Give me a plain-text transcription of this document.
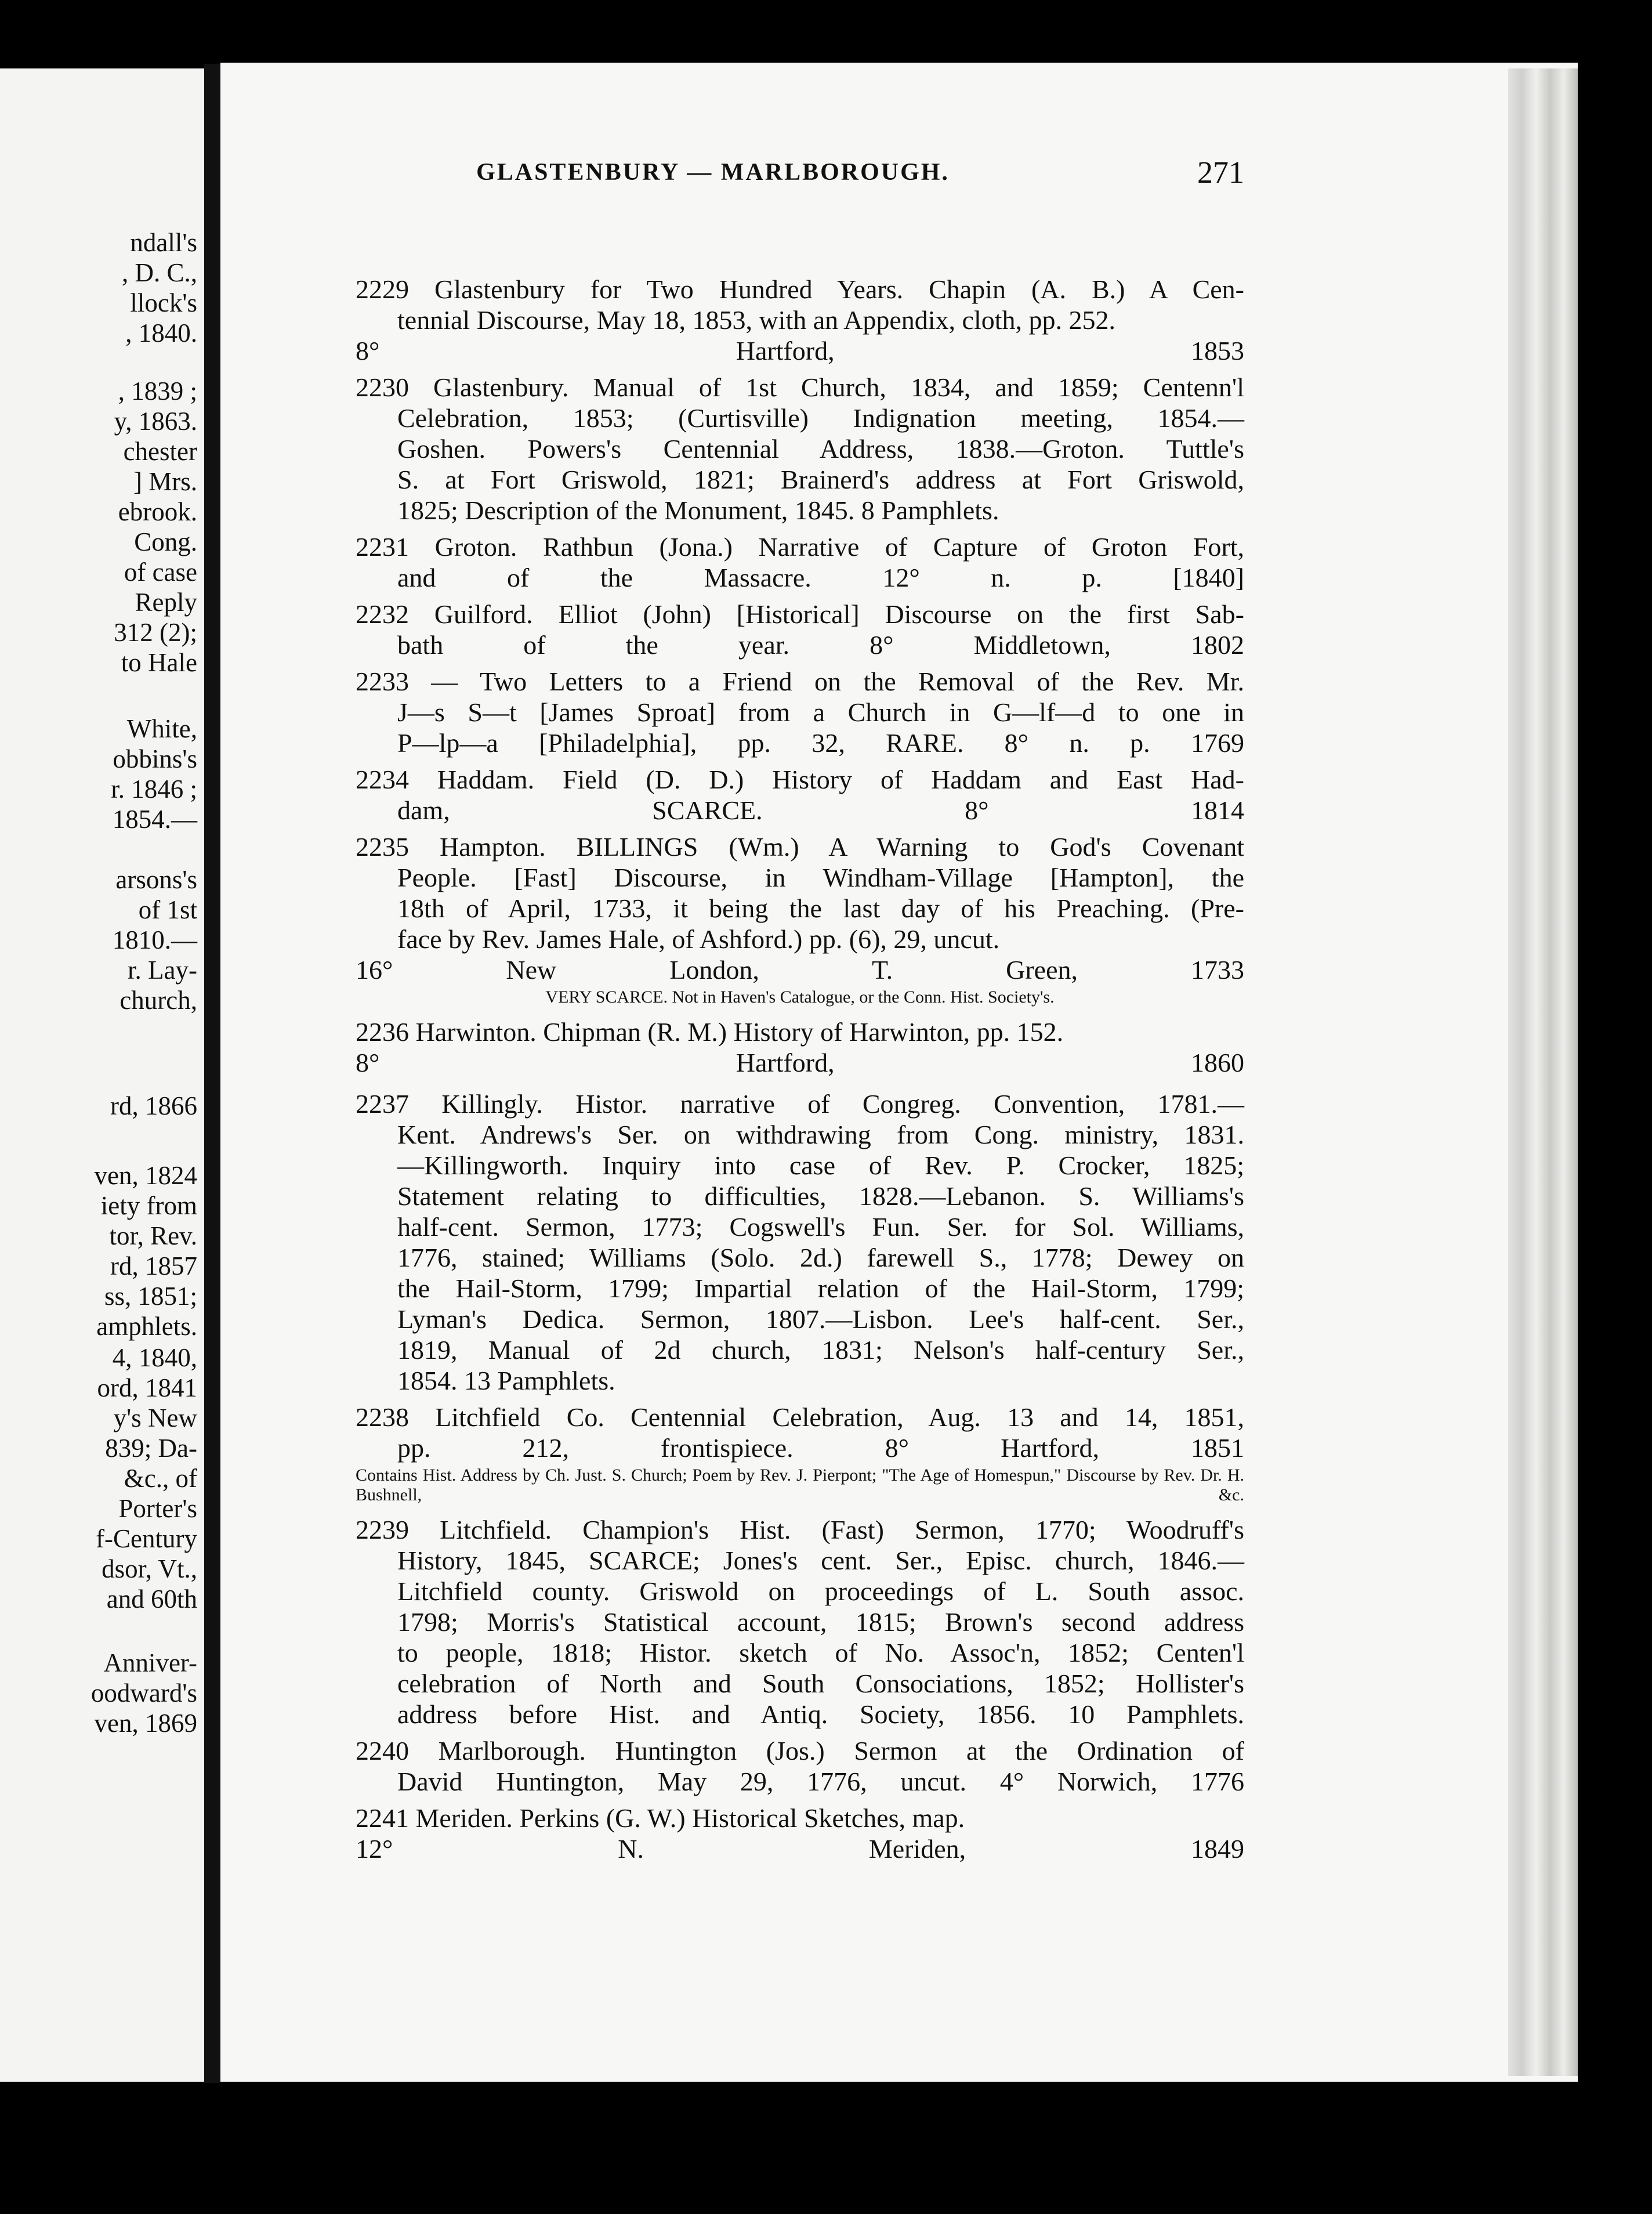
ndall's
, D. C.,
llock's
, 1840.
, 1839 ;
y, 1863.
chester
] Mrs.
ebrook.
Cong.
of case
Reply
312 (2);
to Hale
White,
obbins's
r. 1846 ;
1854.—
arsons's
of 1st
1810.—
r. Lay-
church,
rd, 1866
ven, 1824
iety from
tor, Rev.
rd, 1857
ss, 1851;
amphlets.
4, 1840,
ord, 1841
y's New
839; Da-
&c., of
Porter's
f-Century
dsor, Vt.,
and 60th
Anniver-
oodward's
ven, 1869
GLASTENBURY — MARLBOROUGH.	271

2229 Glastenbury for Two Hundred Years. Chapin (A. B.) A Cen-

tennial Discourse, May 18, 1853, with an Appendix, cloth, pp. 252.

8° Hartford, 1853

2230 Glastenbury. Manual of 1st Church, 1834, and 1859; Centenn'l

Celebration, 1853; (Curtisville) Indignation meeting, 1854.—

Goshen. Powers's Centennial Address, 1838.—Groton. Tuttle's

S. at Fort Griswold, 1821; Brainerd's address at Fort Griswold,

1825; Description of the Monument, 1845. 8 Pamphlets.

2231 Groton. Rathbun (Jona.) Narrative of Capture of Groton Fort,

and of the Massacre. 12° n. p. [1840]

2232 Guilford. Elliot (John) [Historical] Discourse on the first Sab-

bath of the year. 8° Middletown, 1802

2233 — Two Letters to a Friend on the Removal of the Rev. Mr.

J—s S—t [James Sproat] from a Church in G—lf—d to one in

P—lp—a [Philadelphia], pp. 32, RARE. 8° n. p. 1769

2234 Haddam. Field (D. D.) History of Haddam and East Had-

dam, SCARCE. 8° 1814

2235 Hampton. BILLINGS (Wm.) A Warning to God's Covenant

People. [Fast] Discourse, in Windham-Village [Hampton], the

18th of April, 1733, it being the last day of his Preaching. (Pre-

face by Rev. James Hale, of Ashford.) pp. (6), 29, uncut.

16° New London, T. Green, 1733

VERY SCARCE. Not in Haven's Catalogue, or the Conn. Hist. Society's.

2236 Harwinton. Chipman (R. M.) History of Harwinton, pp. 152.

8° Hartford, 1860

2237 Killingly. Histor. narrative of Congreg. Convention, 1781.—

Kent. Andrews's Ser. on withdrawing from Cong. ministry, 1831.

—Killingworth. Inquiry into case of Rev. P. Crocker, 1825;

Statement relating to difficulties, 1828.—Lebanon. S. Williams's

half-cent. Sermon, 1773; Cogswell's Fun. Ser. for Sol. Williams,

1776, stained; Williams (Solo. 2d.) farewell S., 1778; Dewey on

the Hail-Storm, 1799; Impartial relation of the Hail-Storm, 1799;

Lyman's Dedica. Sermon, 1807.—Lisbon. Lee's half-cent. Ser.,

1819, Manual of 2d church, 1831; Nelson's half-century Ser.,

1854. 13 Pamphlets.

2238 Litchfield Co. Centennial Celebration, Aug. 13 and 14, 1851,

pp. 212, frontispiece. 8° Hartford, 1851

Contains Hist. Address by Ch. Just. S. Church; Poem by Rev. J. Pierpont; "The Age of Homespun," Discourse by Rev. Dr. H. Bushnell, &c.

2239 Litchfield. Champion's Hist. (Fast) Sermon, 1770; Woodruff's

History, 1845, SCARCE; Jones's cent. Ser., Episc. church, 1846.—

Litchfield county. Griswold on proceedings of L. South assoc.

1798; Morris's Statistical account, 1815; Brown's second address

to people, 1818; Histor. sketch of No. Assoc'n, 1852; Centen'l

celebration of North and South Consociations, 1852; Hollister's

address before Hist. and Antiq. Society, 1856. 10 Pamphlets.

2240 Marlborough. Huntington (Jos.) Sermon at the Ordination of

David Huntington, May 29, 1776, uncut. 4° Norwich, 1776

2241 Meriden. Perkins (G. W.) Historical Sketches, map.

12° N. Meriden, 1849
